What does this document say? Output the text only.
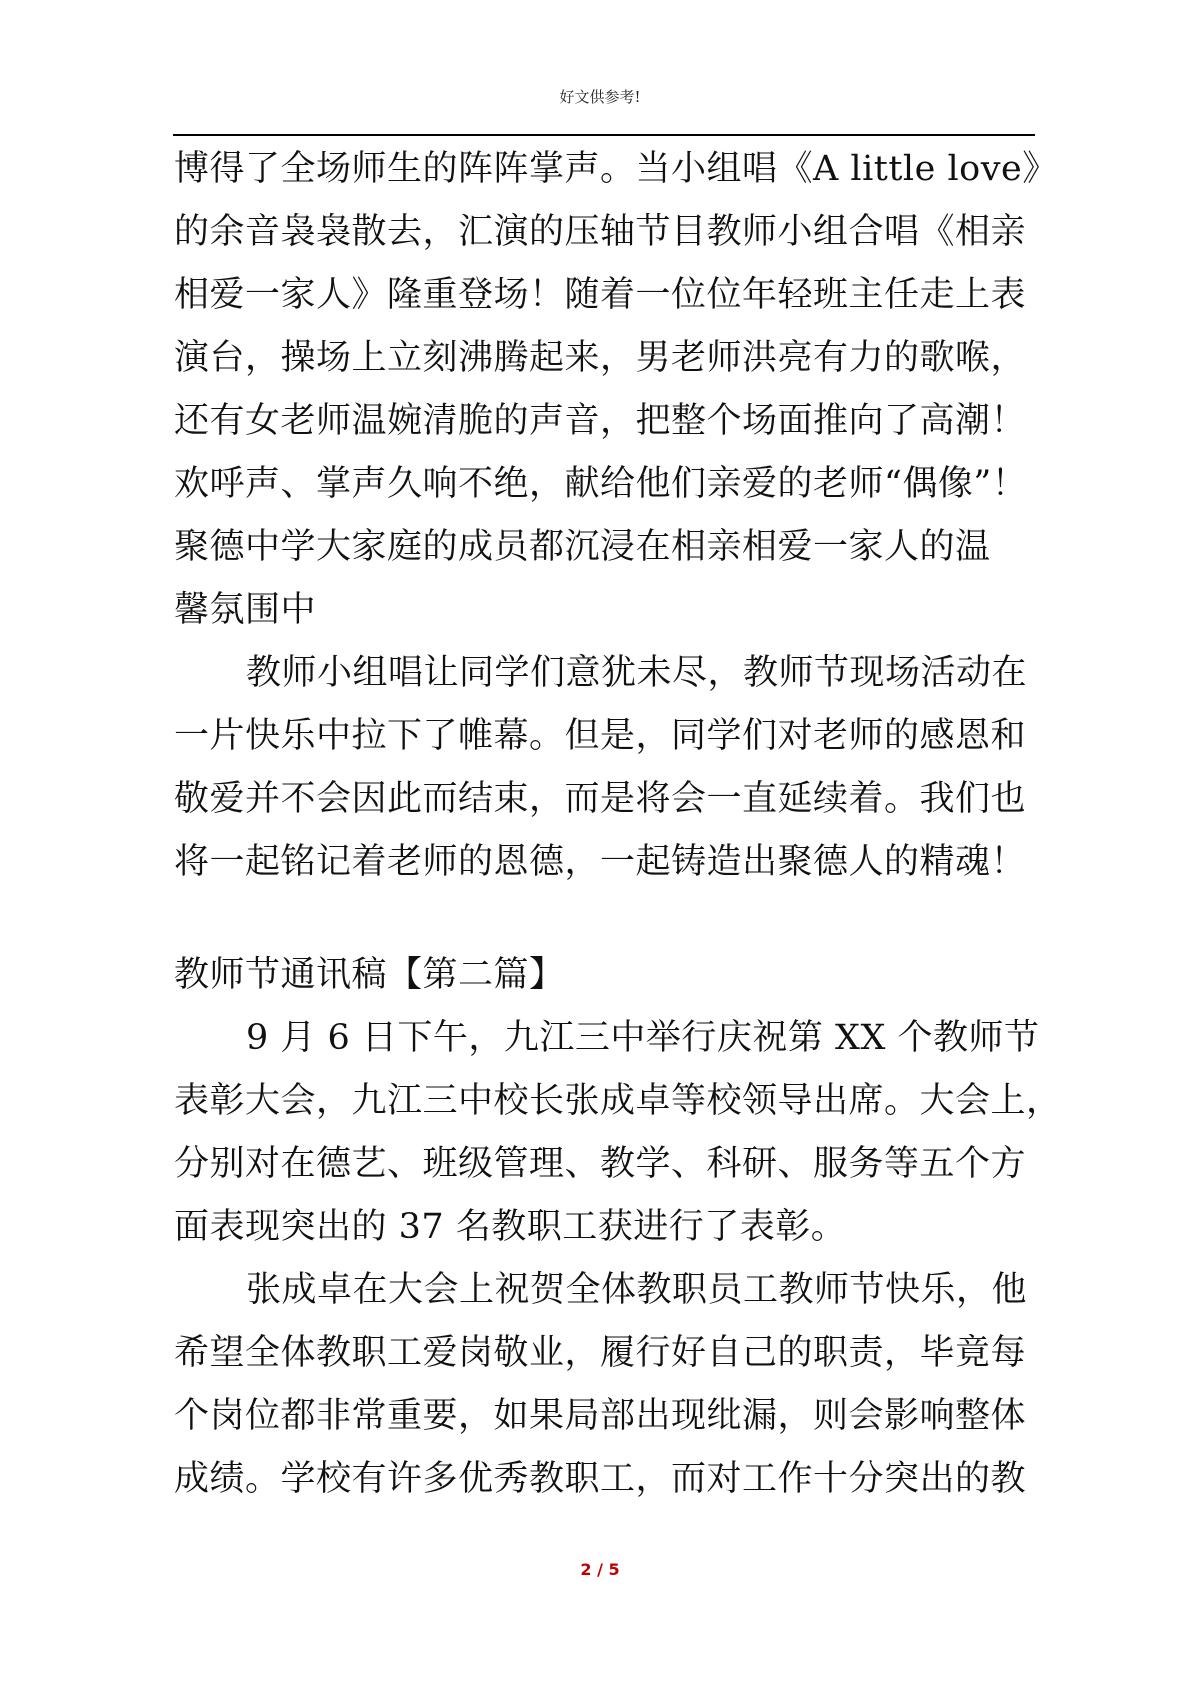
好文供参考!
博得了全场师生的阵阵掌声。当小组唱《A little love》
的余音袅袅散去，汇演的压轴节目教师小组合唱《相亲
相爱一家人》隆重登场！随着一位位年轻班主任走上表
演台，操场上立刻沸腾起来，男老师洪亮有力的歌喉，
还有女老师温婉清脆的声音，把整个场面推向了高潮！
欢呼声、掌声久响不绝，献给他们亲爱的老师“偶像”！
聚德中学大家庭的成员都沉浸在相亲相爱一家人的温
馨氛围中
教师小组唱让同学们意犹未尽，教师节现场活动在
一片快乐中拉下了帷幕。但是，同学们对老师的感恩和
敬爱并不会因此而结束，而是将会一直延续着。我们也
将一起铭记着老师的恩德，一起铸造出聚德人的精魂！
教师节通讯稿【第二篇】
9 月 6 日下午，九江三中举行庆祝第 XX 个教师节
表彰大会，九江三中校长张成卓等校领导出席。大会上，
分别对在德艺、班级管理、教学、科研、服务等五个方
面表现突出的 37 名教职工获进行了表彰。
张成卓在大会上祝贺全体教职员工教师节快乐，他
希望全体教职工爱岗敬业，履行好自己的职责，毕竟每
个岗位都非常重要，如果局部出现纰漏，则会影响整体
成绩。学校有许多优秀教职工，而对工作十分突出的教
2 / 5
